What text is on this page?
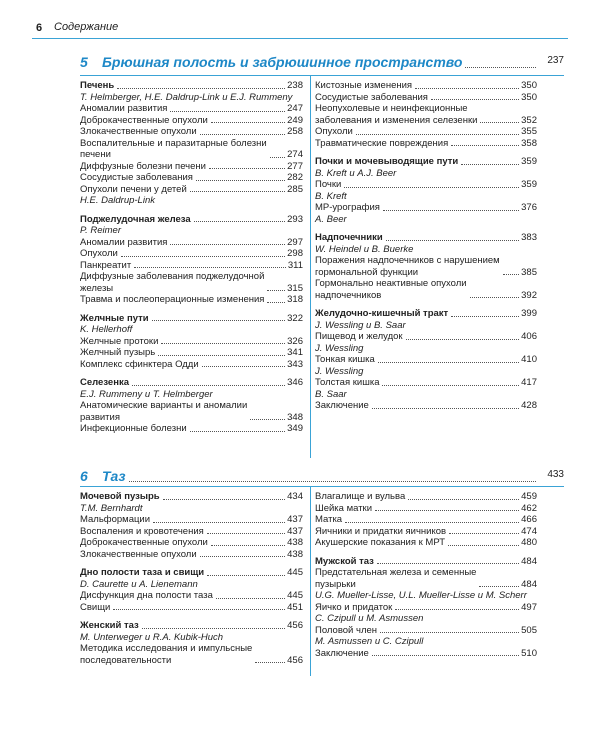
6 Содержание
5 Брюшная полость и забрюшинное пространство	237
Печень	238
T. Helmberger, H.E. Daldrup-Link и E.J. Rummeny
Аномалии развития	247
Доброкачественные опухоли	249
Злокачественные опухоли	258
Воспалительные и паразитарные болезни
печени	274
Диффузные болезни печени	277
Сосудистые заболевания	282
Опухоли печени у детей	285
H.E. Daldrup-Link
Поджелудочная железа	293
P. Reimer
Аномалии развития	297
Опухоли	298
Панкреатит	311
Диффузные заболевания поджелудочной
железы	315
Травма и послеоперационные изменения 318
Желчные пути	322
K. Hellerhoff
Желчные протоки	326
Желчный пузырь	341
Комплекс сфинктера Одди	343
Селезенка	346
E.J. Rummeny и T. Helmberger
Анатомические варианты и аномалии
развития	348
Инфекционные болезни	349
Кистозные изменения	350
Сосудистые заболевания	350
Неопухолевые и неинфекционные
заболевания и изменения селезенки	352
Опухоли	355
Травматические повреждения	358
Почки и мочевыводящие пути	359
B. Kreft и A.J. Beer
Почки	359
B. Kreft
МР-урография	376
A. Beer
Надпочечники	383
W. Heindel и B. Buerke
Поражения надпочечников с нарушением
гормональной функции	385
Гормонально неактивные опухоли
надпочечников	392
Желудочно-кишечный тракт	399
J. Wessling и B. Saar
Пищевод и желудок	406
J. Wessling
Тонкая кишка	410
J. Wessling
Толстая кишка	417
B. Saar
Заключение	428
6 Таз	433
Мочевой пузырь	434
T.M. Bernhardt
Мальформации	437
Воспаления и кровотечения	437
Доброкачественные опухоли	438
Злокачественные опухоли	438
Дно полости таза и свищи	445
D. Caurette и A. Lienemann
Дисфункция дна полости таза	445
Свищи	451
Женский таз	456
M. Unterweger и R.A. Kubik-Huch
Методика исследования и импульсные
последовательности	456
Влагалище и вульва	459
Шейка матки	462
Матка	466
Яичники и придатки яичников	474
Акушерские показания к МРТ	480
Мужской таз	484
Предстательная железа и семенные
пузырьки	484
U.G. Mueller-Lisse, U.L. Mueller-Lisse и M. Scherr
Яичко и придаток	497
C. Czipull и M. Asmussen
Половой член	505
M. Asmussen и C. Czipull
Заключение	510
